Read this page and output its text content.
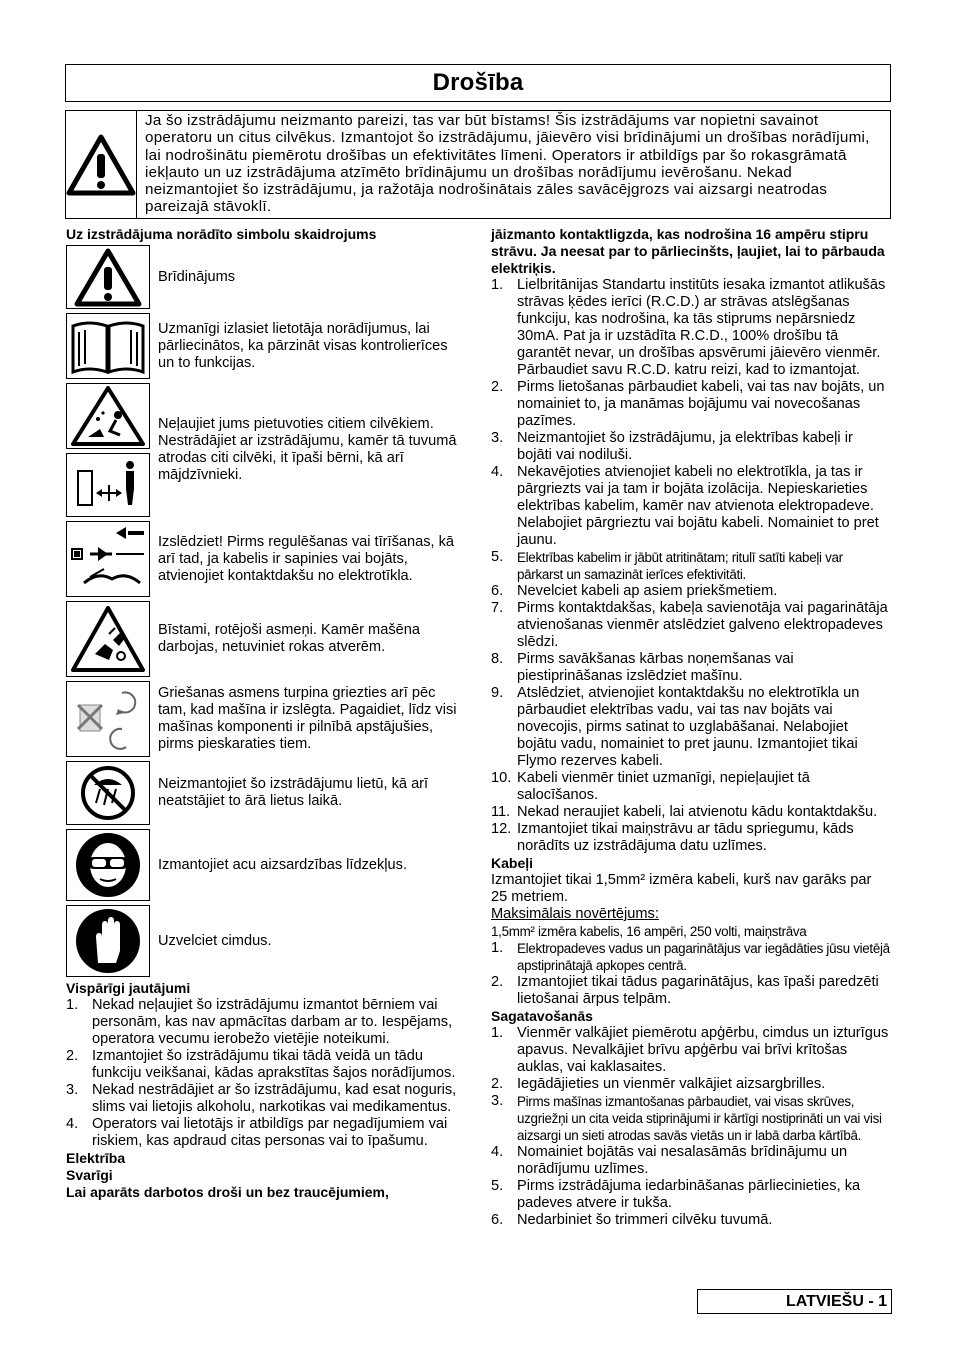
Drošība

Ja šo izstrādājumu neizmanto pareizi, tas var būt bīstams! Šis izstrādājums var nopietni savainot operatoru un citus cilvēkus. Izmantojot šo izstrādājumu, jāievēro visi brīdinājumi un drošības norādījumi, lai nodrošinātu piemērotu drošības un efektivitātes līmeni. Operators ir atbildīgs par šo rokasgrāmatā iekļauto un uz izstrādājuma atzīmēto brīdinājumu un drošības norādījumu ievērošanu. Nekad neizmantojiet šo izstrādājumu, ja ražotāja nodrošinātais zāles savācējgrozs vai aizsargi neatrodas pareizajā stāvoklī.

Uz izstrādājuma norādīto simbolu skaidrojums
Brīdinājums
Uzmanīgi izlasiet lietotāja norādījumus, lai pārliecinātos, ka pārzināt visas kontrolierīces un to funkcijas.
Neļaujiet jums pietuvoties citiem cilvēkiem. Nestrādājiet ar izstrādājumu, kamēr tā tuvumā atrodas citi cilvēki, it īpaši bērni, kā arī mājdzīvnieki.
Izslēdziet! Pirms regulēšanas vai tīrīšanas, kā arī tad, ja kabelis ir sapinies vai bojāts, atvienojiet kontaktdakšu no elektrotīkla.
Bīstami, rotējoši asmeņi. Kamēr mašēna darbojas, netuviniet rokas atverēm.
Griešanas asmens turpina griezties arī pēc tam, kad mašīna ir izslēgta. Pagaidiet, līdz visi mašīnas komponenti ir pilnībā apstājušies, pirms pieskaraties tiem.
Neizmantojiet šo izstrādājumu lietū, kā arī neatstājiet to ārā lietus laikā.
Izmantojiet acu aizsardzības līdzekļus.
Uzvelciet cimdus.
Vispārīgi jautājumi
1. Nekad neļaujiet šo izstrādājumu izmantot bērniem vai personām, kas nav apmācītas darbam ar to. Iespējams, operatora vecumu ierobežo vietējie noteikumi.
2. Izmantojiet šo izstrādājumu tikai tādā veidā un tādu funkciju veikšanai, kādas aprakstītas šajos norādījumos.
3. Nekad nestrādājiet ar šo izstrādājumu, kad esat noguris, slims vai lietojis alkoholu, narkotikas vai medikamentus.
4. Operators vai lietotājs ir atbildīgs par negadījumiem vai riskiem, kas apdraud citas personas vai to īpašumu.
Elektrība
Svarīgi
Lai aparāts darbotos droši un bez traucējumiem,
jāizmanto kontaktligzda, kas nodrošina 16 ampēru stipru strāvu. Ja neesat par to pārliecinšts, ļaujiet, lai to pārbauda elektriķis.
1. Lielbritānijas Standartu institūts iesaka izmantot atlikušās strāvas ķēdes ierīci (R.C.D.) ar strāvas atslēgšanas funkciju, kas nodrošina, ka tās stiprums nepārsniedz 30mA. Pat ja ir uzstādīta R.C.D., 100% drošību tā garantēt nevar, un drošības apsvērumi jāievēro vienmēr. Pārbaudiet savu R.C.D. katru reizi, kad to izmantojat.
2. Pirms lietošanas pārbaudiet kabeli, vai tas nav bojāts, un nomainiet to, ja manāmas bojājumu vai novecošanas pazīmes.
3. Neizmantojiet šo izstrādājumu, ja elektrības kabeļi ir bojāti vai nodiluši.
4. Nekavējoties atvienojiet kabeli no elektrotīkla, ja tas ir pārgriezts vai ja tam ir bojāta izolācija. Nepieskarieties elektrības kabelim, kamēr nav atvienota elektropadeve. Nelabojiet pārgrieztu vai bojātu kabeli. Nomainiet to pret jaunu.
5.	Elektrības kabelim ir jābūt atritinātam; ritulī satīti kabeļi var pārkarst un samazināt ierīces efektivitāti.
6. Nevelciet kabeli ap asiem priekšmetiem.
7. Pirms kontaktdakšas, kabeļa savienotāja vai pagarinātāja atvienošanas vienmēr atslēdziet galveno elektropadeves slēdzi.
8. Pirms savākšanas kārbas noņemšanas vai piestiprināšanas izslēdziet mašīnu.
9. Atslēdziet, atvienojiet kontaktdakšu no elektrotīkla un pārbaudiet elektrības vadu, vai tas nav bojāts vai novecojis, pirms satinat to uzglabāšanai. Nelabojiet bojātu vadu, nomainiet to pret jaunu. Izmantojiet tikai Flymo rezerves kabeli.
10. Kabeli vienmēr tiniet uzmanīgi, nepieļaujiet tā salocīšanos.
11. Nekad neraujiet kabeli, lai atvienotu kādu kontaktdakšu.
12. Izmantojiet tikai maiņstrāvu ar tādu spriegumu, kāds norādīts uz izstrādājuma datu uzlīmes.
Kabeļi
Izmantojiet tikai 1,5mm² izmēra kabeli, kurš nav garāks par 25 metriem.
Maksimālais novērtējums:
1,5mm² izmēra kabelis, 16 ampēri, 250 volti, maiņstrāva
1.	Elektropadeves vadus un pagarinātājus var iegādāties jūsu vietējā apstiprinātajā apkopes centrā.
2. Izmantojiet tikai tādus pagarinātājus, kas īpaši paredzēti lietošanai ārpus telpām.
Sagatavošanās
1. Vienmēr valkājiet piemērotu apģērbu, cimdus un izturīgus apavus. Nevalkājiet brīvu apģērbu vai brīvi krītošas auklas, vai kaklasaites.
2. Iegādājieties un vienmēr valkājiet aizsargbrilles.
3.	Pirms mašīnas izmantošanas pārbaudiet, vai visas skrūves, uzgriežņi un cita veida stiprinājumi ir kārtīgi nostiprināti un vai visi aizsargi un sieti atrodas savās vietās un ir labā darba kārtībā.
4. Nomainiet bojātās vai nesalasāmās brīdinājumu un norādījumu uzlīmes.
5. Pirms izstrādājuma iedarbināšanas pārliecinieties, ka padeves atvere ir tukša.
6. Nedarbiniet šo trimmeri cilvēku tuvumā.
LATVIEŠU - 1
